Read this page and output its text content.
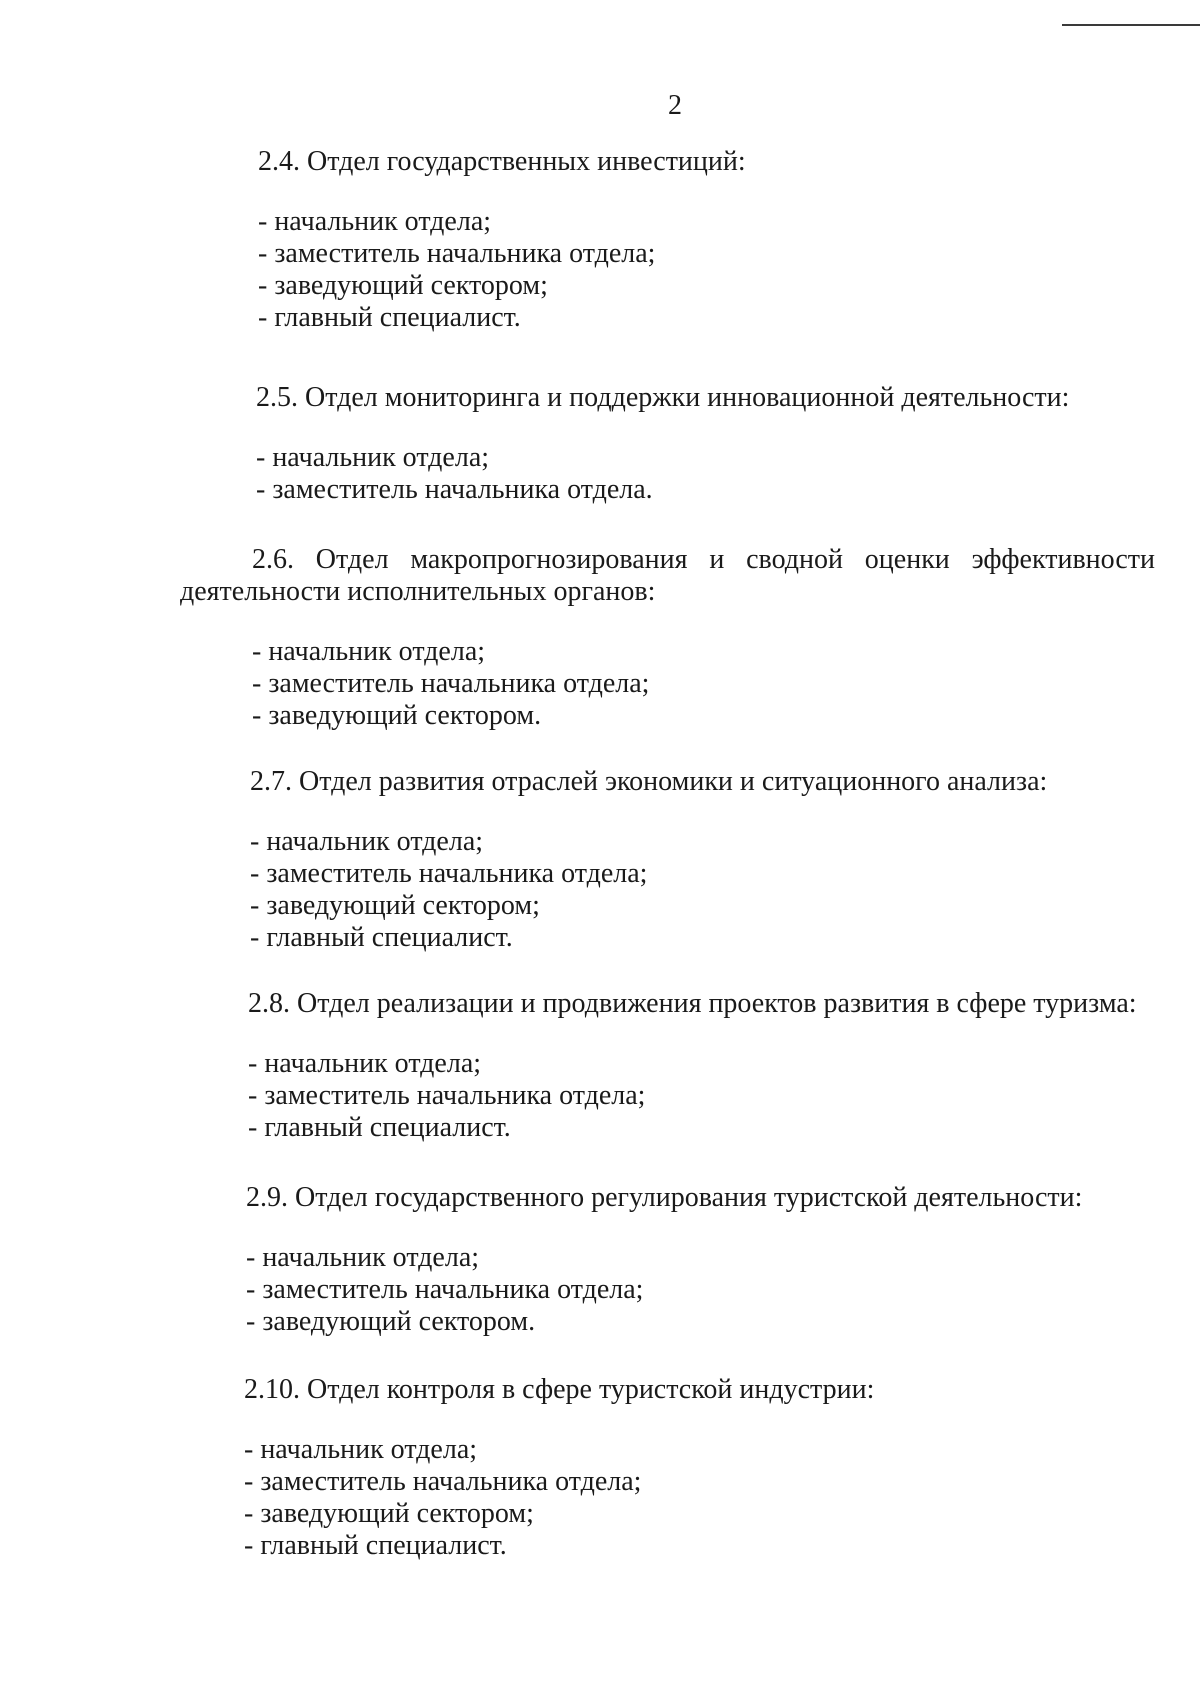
2

2.4. Отдел государственных инвестиций:

- начальник отдела;
- заместитель начальника отдела;
- заведующий сектором;
- главный специалист.

2.5. Отдел мониторинга и поддержки инновационной деятельности:

- начальник отдела;
- заместитель начальника отдела.

2.6. Отдел макропрогнозирования и сводной оценки эффективности

деятельности исполнительных органов:

- начальник отдела;
- заместитель начальника отдела;
- заведующий сектором.

2.7. Отдел развития отраслей экономики и ситуационного анализа:

- начальник отдела;
- заместитель начальника отдела;
- заведующий сектором;
- главный специалист.

2.8. Отдел реализации и продвижения проектов развития в сфере туризма:

- начальник отдела;
- заместитель начальника отдела;
- главный специалист.

2.9. Отдел государственного регулирования туристской деятельности:

- начальник отдела;
- заместитель начальника отдела;
- заведующий сектором.

2.10. Отдел контроля в сфере туристской индустрии:

- начальник отдела;
- заместитель начальника отдела;
- заведующий сектором;
- главный специалист.
